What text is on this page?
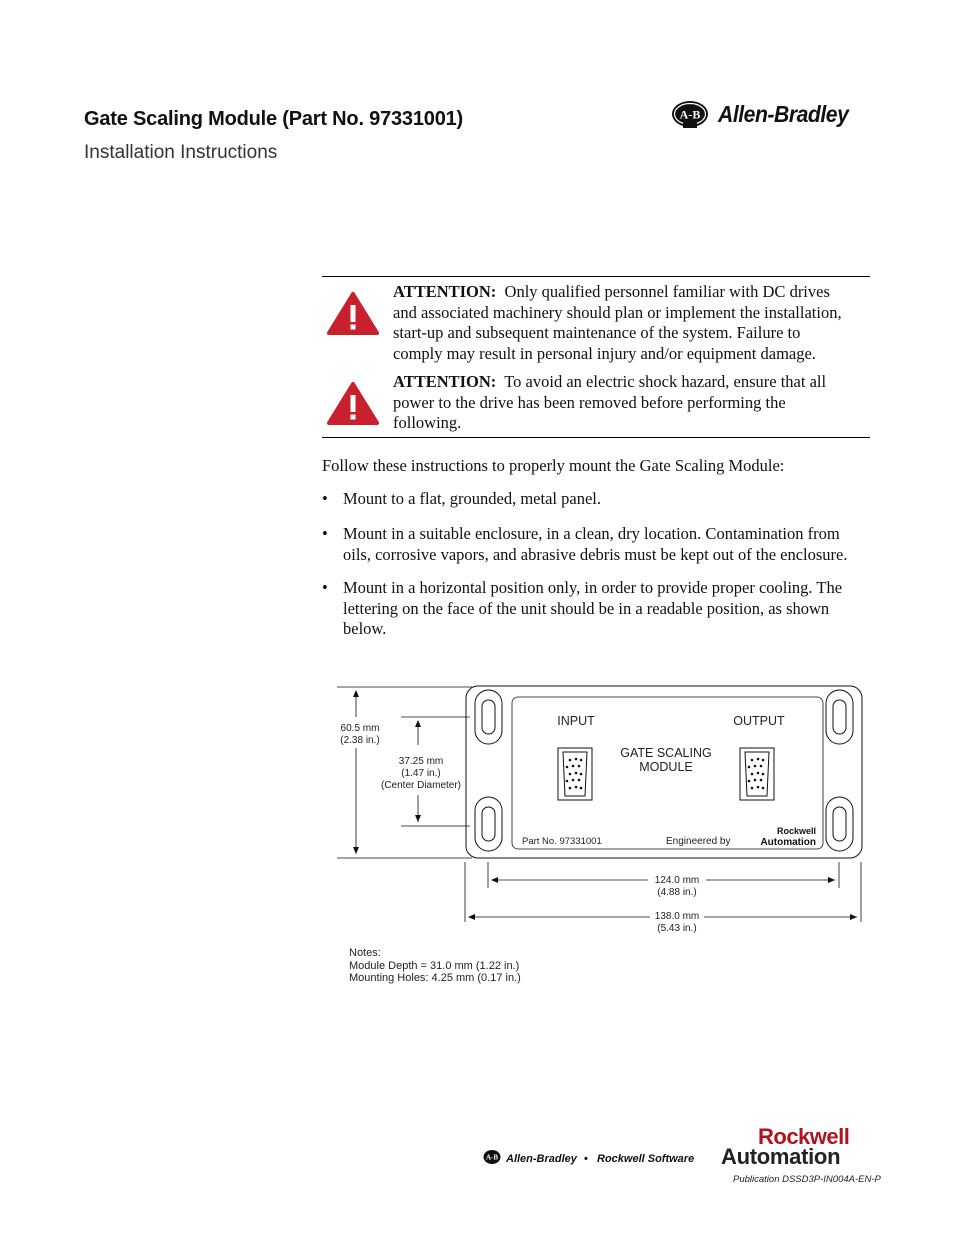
Gate Scaling Module (Part No. 97331001)
Installation Instructions
A-B Allen-Bradley
ATTENTION: Only qualified personnel familiar with DC drives
and associated machinery should plan or implement the installation,
start-up and subsequent maintenance of the system. Failure to
comply may result in personal injury and/or equipment damage.
ATTENTION: To avoid an electric shock hazard, ensure that all
power to the drive has been removed before performing the
following.
Follow these instructions to properly mount the Gate Scaling Module:
• Mount to a flat, grounded, metal panel.
• Mount in a suitable enclosure, in a clean, dry location. Contamination from
oils, corrosive vapors, and abrasive debris must be kept out of the enclosure.
• Mount in a horizontal position only, in order to provide proper cooling. The
lettering on the face of the unit should be in a readable position, as shown
below.
Rockwell
Automation
60.5 mm
(2.38 in.)
37.25 mm
(1.47 in.)
(Center Diameter)
124.0 mm
(4.88 in.)
138.0 mm
(5.43 in.)
INPUT	OUTPUT
GATE SCALING
MODULE
Part No. 97331001	Engineered by
Notes:
Module Depth = 31.0 mm (1.22 in.)
Mounting Holes: 4.25 mm (0.17 in.)
A-B Allen-Bradley • Rockwell Software
Rockwell
Automation
Publication DSSD3P-IN004A-EN-P
